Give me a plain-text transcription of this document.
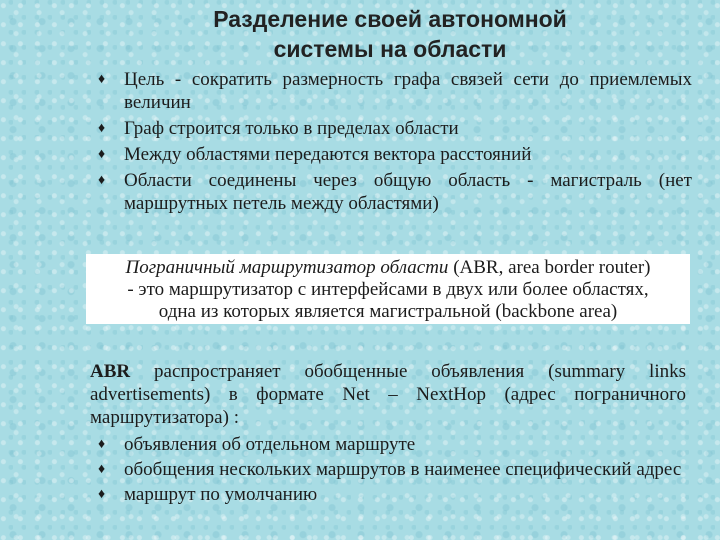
Разделение своей автономной
системы на области
♦ Цель - сократить размерность графа связей сети до приемлемых величин
♦ Граф строится только в пределах области
♦ Между областями передаются вектора расстояний
♦ Области соединены через общую область - магистраль (нет маршрутных петель между областями)
Пограничный маршрутизатор области (ABR, area border router)
- это маршрутизатор с интерфейсами в двух или более областях,
одна из которых является магистральной (backbone area)

ABR распространяет обобщенные объявления (summary links advertisements) в формате Net – NextHop (адрес пограничного маршрутизатора) :

♦ объявления об отдельном маршруте
♦ обобщения нескольких маршрутов в наименее специфический адрес
♦ маршрут по умолчанию
